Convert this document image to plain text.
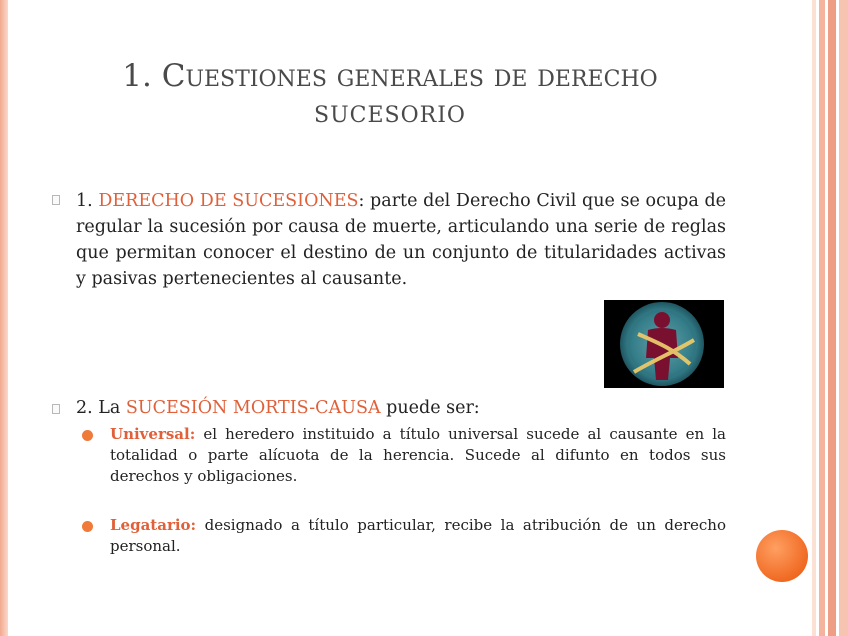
1. Cuestiones generales de derecho
sucesorio
1. DERECHO DE SUCESIONES: parte del Derecho Civil que se ocupa de regular la sucesión por causa de muerte, articulando una serie de reglas que permitan conocer el destino de un conjunto de titularidades activas y pasivas pertenecientes al causante.
2. La SUCESIÓN MORTIS-CAUSA puede ser:
Universal: el heredero instituido a título universal sucede al causante en la totalidad o parte alícuota de la herencia. Sucede al difunto en todos sus derechos y obligaciones.
Legatario: designado a título particular, recibe la atribución de un derecho personal.
